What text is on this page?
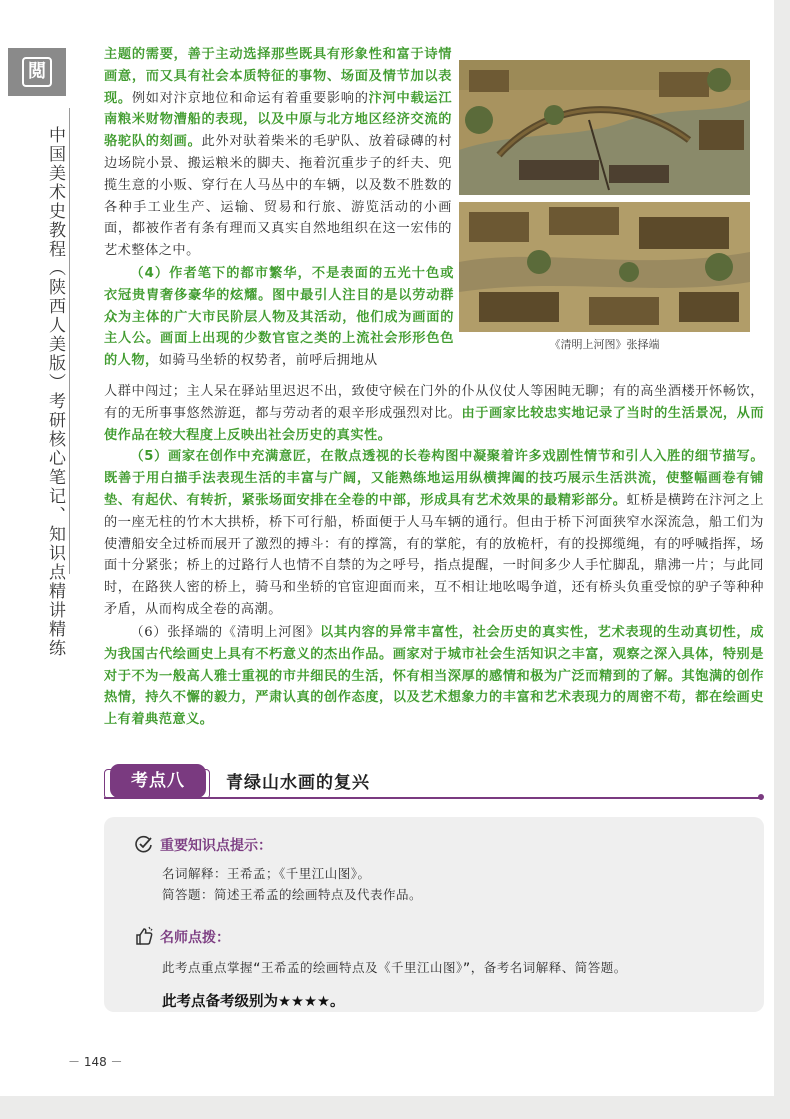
閲
中国美术史教程（陕西人美版）考研核心笔记、知识点精讲精练

主题的需要，善于主动选择那些既具有形象性和富于诗情画意，而又具有社会本质特征的事物、场面及情节加以表现。例如对汴京地位和命运有着重要影响的汴河中载运江南粮米财物漕船的表现，以及中原与北方地区经济交流的骆驼队的刻画。此外对驮着柴米的毛驴队、放着碌磚的村边场院小景、搬运粮米的脚夫、拖着沉重步子的纤夫、兜揽生意的小贩、穿行在人马丛中的车辆，以及数不胜数的各种手工业生产、运输、贸易和行旅、游览活动的小画面，都被作者有条有理而又真实自然地组织在这一宏伟的艺术整体之中。

《清明上河图》张择端

（4）作者笔下的都市繁华，不是表面的五光十色或衣冠贵胄奢侈豪华的炫耀。图中最引人注目的是以劳动群众为主体的广大市民阶层人物及其活动，他们成为画面的主人公。画面上出现的少数官宦之类的上流社会形形色色的人物，如骑马坐轿的权势者，前呼后拥地从

人群中闯过；主人呆在驿站里迟迟不出，致使守候在门外的仆从仪仗人等困盹无聊；有的高坐酒楼开怀畅饮，有的无所事事悠然游逛，都与劳动者的艰辛形成强烈对比。由于画家比较忠实地记录了当时的生活景况，从而使作品在较大程度上反映出社会历史的真实性。

（5）画家在创作中充满意匠，在散点透视的长卷构图中凝聚着许多戏剧性情节和引人入胜的细节描写。既善于用白描手法表现生活的丰富与广阔，又能熟练地运用纵横捭阖的技巧展示生活洪流，使整幅画卷有铺垫、有起伏、有转折，紧张场面安排在全卷的中部，形成具有艺术效果的最精彩部分。虹桥是横跨在汴河之上的一座无柱的竹木大拱桥，桥下可行船，桥面便于人马车辆的通行。但由于桥下河面狭窄水深流急，船工们为使漕船安全过桥而展开了激烈的搏斗：有的撑篙，有的掌舵，有的放桅杆，有的投掷缆绳，有的呼喊指挥，场面十分紧张；桥上的过路行人也情不自禁的为之呼号，指点提醒，一时间多少人手忙脚乱，鼎沸一片；与此同时，在路狭人密的桥上，骑马和坐轿的官宦迎面而来，互不相让地吆喝争道，还有桥头负重受惊的驴子等种种矛盾，从而构成全卷的高潮。

（6）张择端的《清明上河图》以其内容的异常丰富性，社会历史的真实性，艺术表现的生动真切性，成为我国古代绘画史上具有不朽意义的杰出作品。画家对于城市社会生活知识之丰富，观察之深入具体，特别是对于不为一般高人雅士重视的市井细民的生活，怀有相当深厚的感情和极为广泛而精到的了解。其饱满的创作热情，持久不懈的毅力，严肃认真的创作态度，以及艺术想象力的丰富和艺术表现力的周密不苟，都在绘画史上有着典范意义。

考点八	青绿山水画的复兴
重要知识点提示：
名词解释：王希孟；《千里江山图》。
简答题：简述王希孟的绘画特点及代表作品。
名师点拨：
此考点重点掌握“王希孟的绘画特点及《千里江山图》”，备考名词解释、简答题。
此考点备考级别为★★★★。
－ 148 －
